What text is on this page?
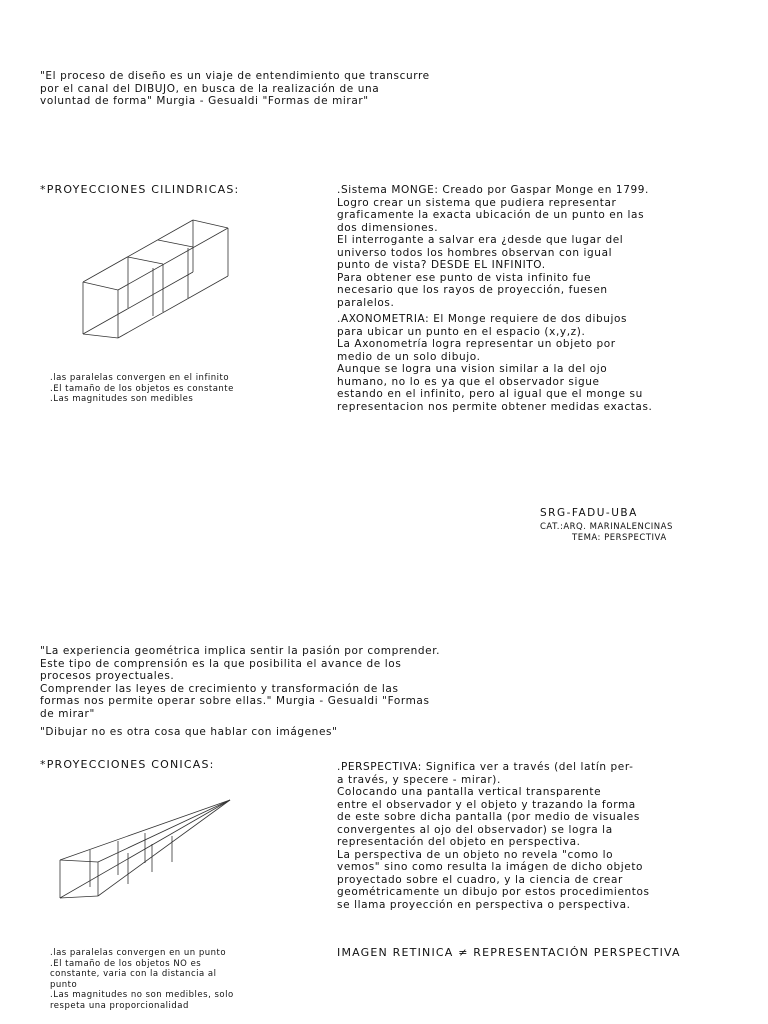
"El proceso de diseño es un viaje de entendimiento que transcurre

por el canal del DIBUJO, en busca de la realización de una

voluntad de forma" Murgia - Gesualdi "Formas de mirar"

*PROYECCIONES CILINDRICAS:

.las paralelas convergen en el infinito

.El tamaño de los objetos es constante

.Las magnitudes son medibles

.Sistema MONGE: Creado por Gaspar Monge en 1799.

Logro crear un sistema que pudiera representar

graficamente la exacta ubicación de un punto en las

dos dimensiones.

El interrogante a salvar era ¿desde que lugar del

universo todos los hombres observan con igual

punto de vista? DESDE EL INFINITO.

Para obtener ese punto de vista infinito fue

necesario que los rayos de proyección, fuesen

paralelos.

.AXONOMETRIA: El Monge requiere de dos dibujos

para ubicar un punto en el espacio (x,y,z).

La Axonometría logra representar un objeto por

medio de un solo dibujo.

Aunque se logra una vision similar a la del ojo

humano, no lo es ya que el observador sigue

estando en el infinito, pero al igual que el monge su

representacion nos permite obtener medidas exactas.

SRG-FADU-UBA

CAT.:ARQ. MARINALENCINAS

TEMA: PERSPECTIVA

"La experiencia geométrica implica sentir la pasión por comprender.

Este tipo de comprensión es la que posibilita el avance de los

procesos proyectuales.

Comprender las leyes de crecimiento y transformación de las

formas nos permite operar sobre ellas." Murgia - Gesualdi "Formas

de mirar"

"Dibujar no es otra cosa que hablar con imágenes"

*PROYECCIONES CONICAS:

.las paralelas convergen en un punto

.El tamaño de los objetos NO es

constante, varia con la distancia al

punto

.Las magnitudes no son medibles, solo

respeta una proporcionalidad

.PERSPECTIVA: Significa ver a través (del latín per-

a través, y specere - mirar).

Colocando una pantalla vertical transparente

entre el observador y el objeto y trazando la forma

de este sobre dicha pantalla (por medio de visuales

convergentes al ojo del observador) se logra la

representación del objeto en perspectiva.

La perspectiva de un objeto no revela "como lo

vemos" sino como resulta la imágen de dicho objeto

proyectado sobre el cuadro, y la ciencia de crear

geométricamente un dibujo por estos procedimientos

se llama proyección en perspectiva o perspectiva.

IMAGEN RETINICA ≠ REPRESENTACIÓN PERSPECTIVA
